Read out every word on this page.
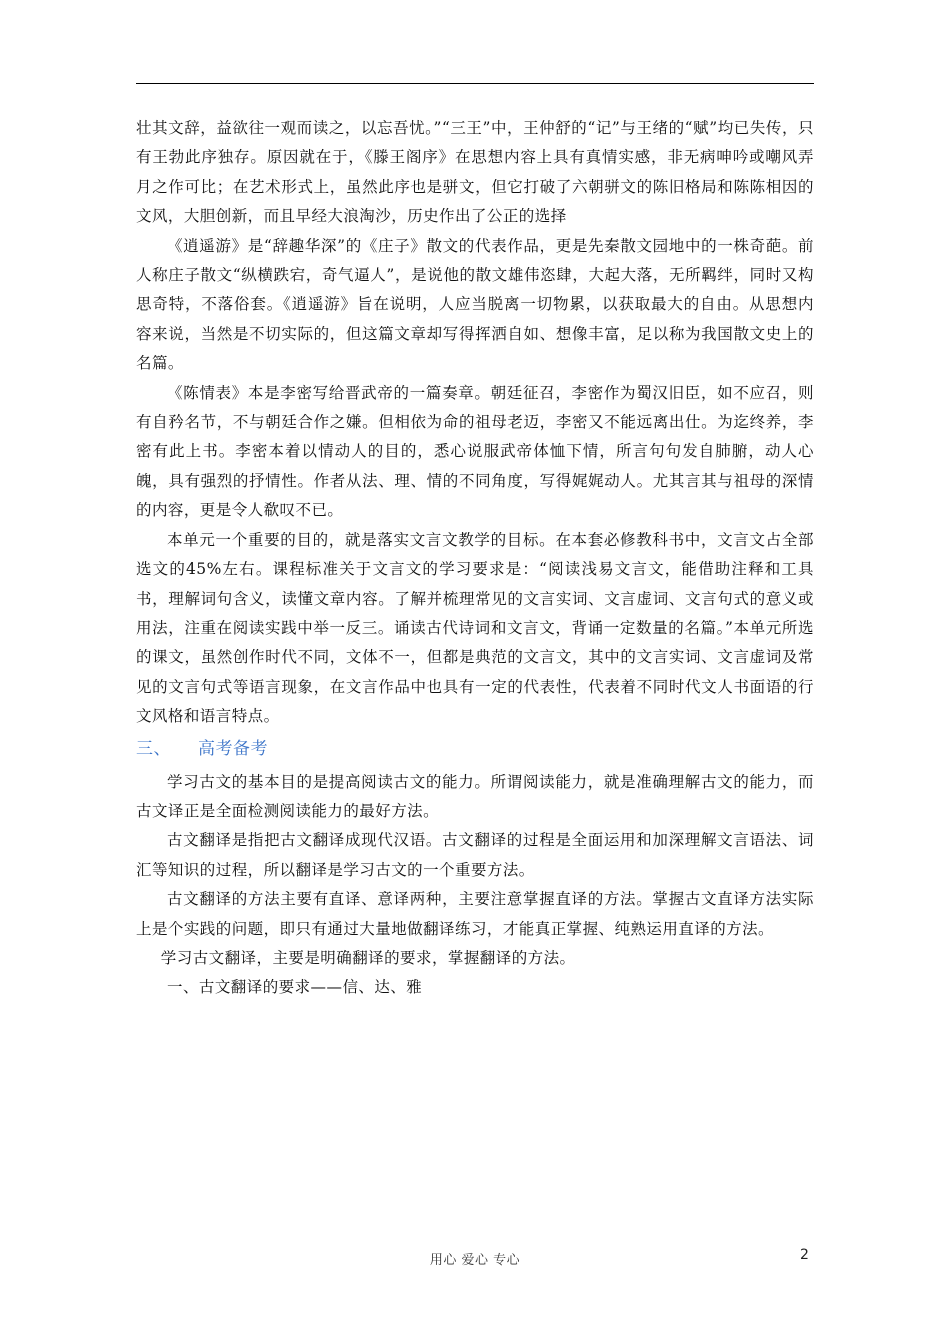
壮其文辞，益欲往一观而读之，以忘吾忧。”“三王”中，王仲舒的“记”与王绪的“赋”均已失传，只有王勃此序独存。原因就在于，《滕王阁序》在思想内容上具有真情实感，非无病呻吟或嘲风弄月之作可比；在艺术形式上，虽然此序也是骈文，但它打破了六朝骈文的陈旧格局和陈陈相因的文风，大胆创新，而且早经大浪淘沙，历史作出了公正的选择

《逍遥游》是“辞趣华深”的《庄子》散文的代表作品，更是先秦散文园地中的一株奇葩。前人称庄子散文“纵横跌宕，奇气逼人”，是说他的散文雄伟恣肆，大起大落，无所羁绊，同时又构思奇特，不落俗套。《逍遥游》旨在说明，人应当脱离一切物累，以获取最大的自由。从思想内容来说，当然是不切实际的，但这篇文章却写得挥洒自如、想像丰富，足以称为我国散文史上的名篇。

《陈情表》本是李密写给晋武帝的一篇奏章。朝廷征召，李密作为蜀汉旧臣，如不应召，则有自矜名节，不与朝廷合作之嫌。但相依为命的祖母老迈，李密又不能远离出仕。为迄终养，李密有此上书。李密本着以情动人的目的，悉心说服武帝体恤下情，所言句句发自肺腑，动人心魄，具有强烈的抒情性。作者从法、理、情的不同角度，写得娓娓动人。尤其言其与祖母的深情的内容，更是令人欷叹不已。

本单元一个重要的目的，就是落实文言文教学的目标。在本套必修教科书中，文言文占全部选文的45%左右。课程标准关于文言文的学习要求是：“阅读浅易文言文，能借助注释和工具书，理解词句含义，读懂文章内容。了解并梳理常见的文言实词、文言虚词、文言句式的意义或用法，注重在阅读实践中举一反三。诵读古代诗词和文言文，背诵一定数量的名篇。”本单元所选的课文，虽然创作时代不同，文体不一，但都是典范的文言文，其中的文言实词、文言虚词及常见的文言句式等语言现象，在文言作品中也具有一定的代表性，代表着不同时代文人书面语的行文风格和语言特点。

三、 高考备考

学习古文的基本目的是提高阅读古文的能力。所谓阅读能力，就是准确理解古文的能力，而古文译正是全面检测阅读能力的最好方法。

古文翻译是指把古文翻译成现代汉语。古文翻译的过程是全面运用和加深理解文言语法、词汇等知识的过程，所以翻译是学习古文的一个重要方法。

古文翻译的方法主要有直译、意译两种，主要注意掌握直译的方法。掌握古文直译方法实际上是个实践的问题，即只有通过大量地做翻译练习，才能真正掌握、纯熟运用直译的方法。

学习古文翻译，主要是明确翻译的要求，掌握翻译的方法。

一、古文翻译的要求——信、达、雅

用心 爱心 专心	2
